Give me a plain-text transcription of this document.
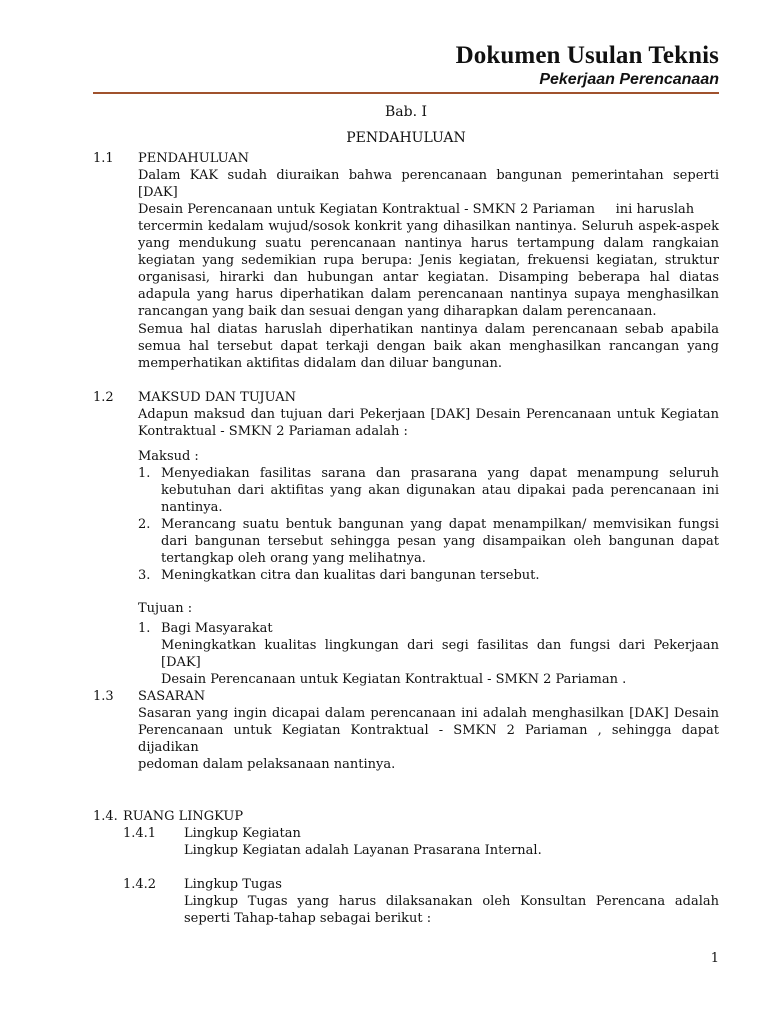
Dokumen Usulan Teknis
Pekerjaan Perencanaan
Bab. I
PENDAHULUAN
1.1 PENDAHULUAN
Dalam KAK sudah diuraikan bahwa perencanaan bangunan pemerintahan seperti [DAK]
Desain Perencanaan untuk Kegiatan Kontraktual - SMKN 2 Pariaman     ini haruslah
tercermin kedalam wujud/sosok konkrit yang dihasilkan nantinya. Seluruh aspek-aspek
yang mendukung suatu perencanaan nantinya harus tertampung dalam rangkaian
kegiatan yang sedemikian rupa berupa: Jenis kegiatan, frekuensi kegiatan, struktur
organisasi, hirarki dan hubungan antar kegiatan. Disamping beberapa hal diatas
adapula yang harus diperhatikan dalam perencanaan nantinya supaya menghasilkan
rancangan yang baik dan sesuai dengan yang diharapkan dalam perencanaan.
Semua hal diatas haruslah diperhatikan nantinya dalam perencanaan sebab apabila
semua hal tersebut dapat terkaji dengan baik akan menghasilkan rancangan yang
memperhatikan aktifitas didalam dan diluar bangunan.
1.2 MAKSUD DAN TUJUAN
Adapun maksud dan tujuan dari Pekerjaan [DAK] Desain Perencanaan untuk Kegiatan
Kontraktual - SMKN 2 Pariaman adalah :
Maksud :
1. Menyediakan fasilitas sarana dan prasarana yang dapat menampung seluruh
kebutuhan dari aktifitas yang akan digunakan atau dipakai pada perencanaan ini
nantinya.
2. Merancang suatu bentuk bangunan yang dapat menampilkan/ memvisikan fungsi
dari bangunan tersebut sehingga pesan yang disampaikan oleh bangunan dapat
tertangkap oleh orang yang melihatnya.
3. Meningkatkan citra dan kualitas dari bangunan tersebut.
Tujuan :
1. Bagi Masyarakat
Meningkatkan kualitas lingkungan dari segi fasilitas dan fungsi dari Pekerjaan [DAK]
Desain Perencanaan untuk Kegiatan Kontraktual - SMKN 2 Pariaman .
1.3 SASARAN
Sasaran yang ingin dicapai dalam perencanaan ini adalah menghasilkan [DAK] Desain
Perencanaan untuk Kegiatan Kontraktual - SMKN 2 Pariaman , sehingga dapat dijadikan
pedoman dalam pelaksanaan nantinya.
1.4. RUANG LINGKUP
1.4.1 Lingkup Kegiatan
Lingkup Kegiatan adalah Layanan Prasarana Internal.
1.4.2 Lingkup Tugas
Lingkup Tugas yang harus dilaksanakan oleh Konsultan Perencana adalah
seperti Tahap-tahap sebagai berikut :
1
